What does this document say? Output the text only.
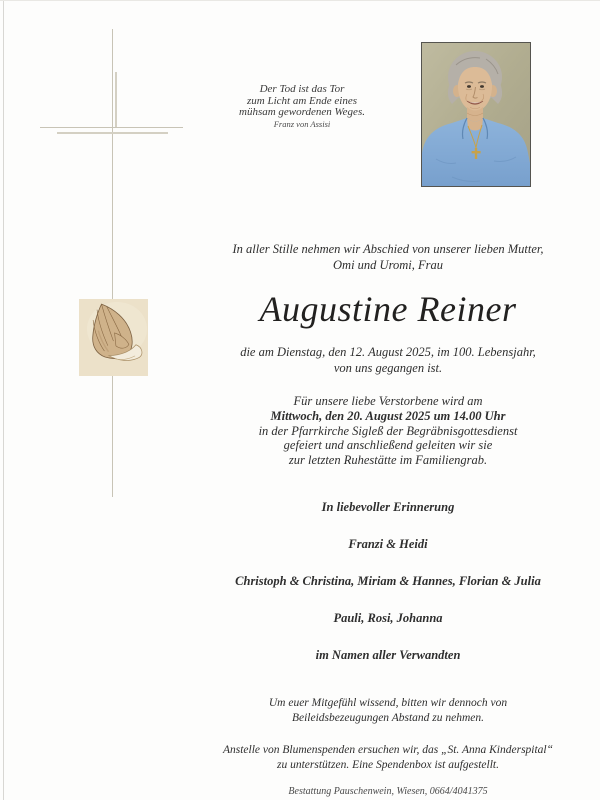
Der Tod ist das Tor
zum Licht am Ende eines
mühsam gewordenen Weges.
Franz von Assisi
In aller Stille nehmen wir Abschied von unserer lieben Mutter,
Omi und Uromi, Frau
Augustine Reiner
die am Dienstag, den 12. August 2025, im 100. Lebensjahr,
von uns gegangen ist.
Für unsere liebe Verstorbene wird am
Mittwoch, den 20. August 2025 um 14.00 Uhr
in der Pfarrkirche Sigleß der Begräbnisgottesdienst
gefeiert und anschließend geleiten wir sie
zur letzten Ruhestätte im Familiengrab.
In liebevoller Erinnerung
Franzi & Heidi
Christoph & Christina, Miriam & Hannes, Florian & Julia
Pauli, Rosi, Johanna
im Namen aller Verwandten
Um euer Mitgefühl wissend, bitten wir dennoch von
Beileidsbezeugungen Abstand zu nehmen.
Anstelle von Blumenspenden ersuchen wir, das „St. Anna Kinderspital“
zu unterstützen. Eine Spendenbox ist aufgestellt.
Bestattung Pauschenwein, Wiesen, 0664/4041375
